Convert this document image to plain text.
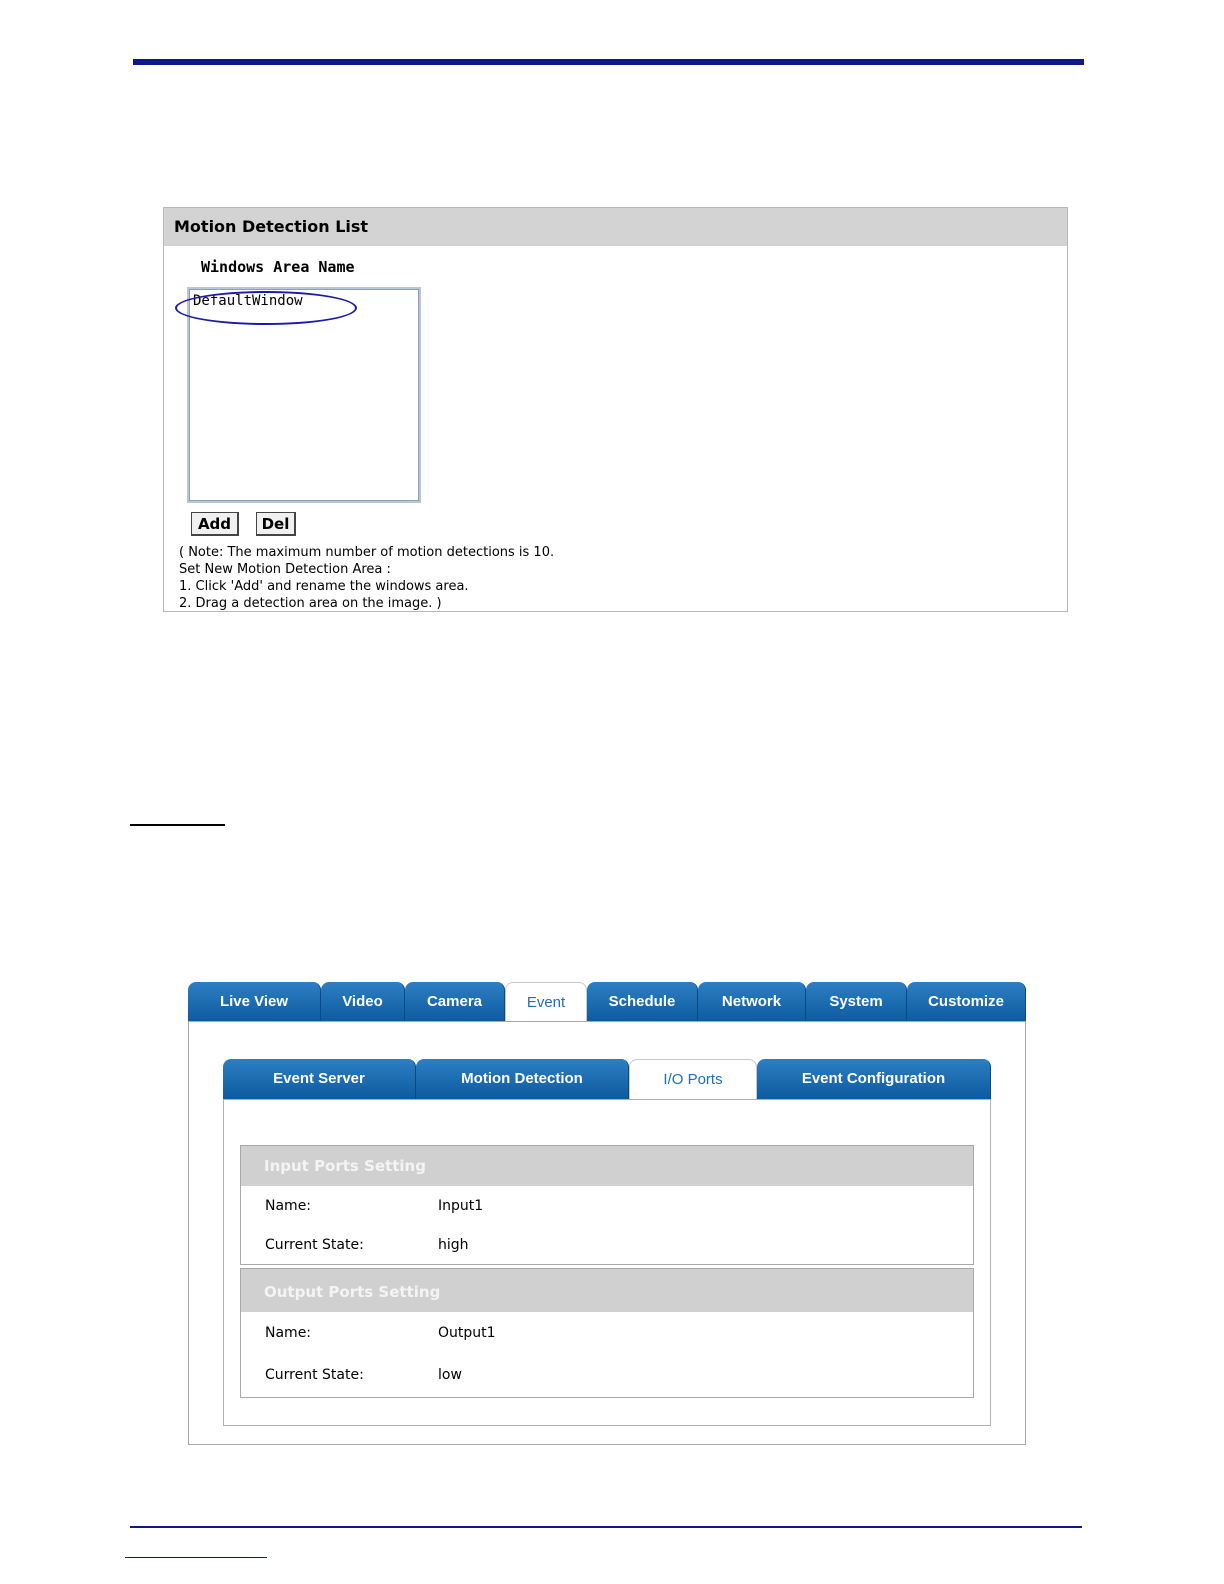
Motion Detection List
Windows Area Name
DefaultWindow
Add	Del
( Note: The maximum number of motion detections is 10.
Set New Motion Detection Area :
1. Click 'Add' and rename the windows area.
2. Drag a detection area on the image. )
Live View	Video	Camera	Event	Schedule	Network	System	Customize
Event Server	Motion Detection	I/O Ports	Event Configuration
Input Ports Setting
Name:	Input1
Current State:	high
Output Ports Setting
Name:	Output1
Current State:	low
